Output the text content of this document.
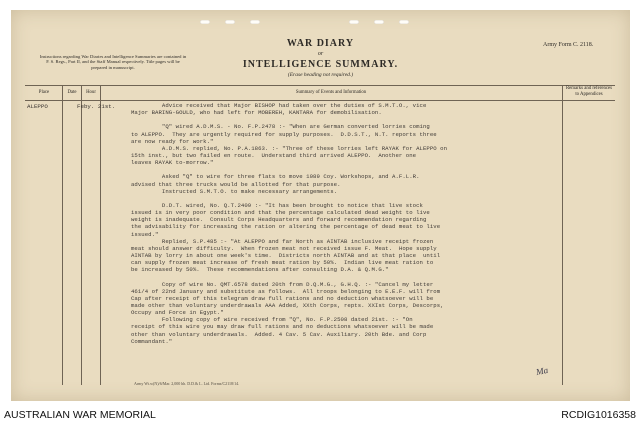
WAR DIARY
or
INTELLIGENCE SUMMARY.
(Erase heading not required.)
Army Form C. 2118.
Instructions regarding War Diaries and Intelligence Summaries are contained in F. S. Regs., Part II, and the Staff Manual respectively. Title pages will be prepared in manuscript.
Place	Date	Hour	Summary of Events and Information
Remarks and references to Appendices
ALEPPO	Feby. 21st.	Advice received that Major BISHOP had taken over the duties of S.M.T.O., vice
Major BARING-GOULD, who had left for MOBEREH, KANTARA for demobilisation.

"Q" wired A.D.M.S. - No. F.P.2478 :- "When are German converted lorries coming
to ALEPPO.  They are urgently required for supply purposes.  D.D.S.T., N.T. reports three
are now ready for work."
A.D.M.S. replied, No. P.A.1863. :- "Three of these lorries left RAYAK for ALEPPO on
15th inst., but two failed en route.  Understand third arrived ALEPPO.  Another one
leaves RAYAK to-morrow."

Asked "Q" to wire for three flats to move 1089 Coy. Workshops, and A.F.L.R.
advised that three trucks would be allotted for that purpose.
Instructed S.M.T.O. to make necessary arrangements.

D.D.T. wired, No. Q.T.2409 :- "It has been brought to notice that live stock
issued is in very poor condition and that the percentage calculated dead weight to live
weight is inadequate.  Consult Corps Headquarters and forward recommendation regarding
the advisability for increasing the ration or altering the percentage of dead meat to live
issued."
Replied, S.P.485 :- "At ALEPPO and far North as AINTAB inclusive receipt frozen
meat should answer difficulty.  When frozen meat not received issue F. Meat.  Hope supply
AINTAB by lorry in about one week's time.  Districts north AINTAB and at that place  until
can supply frozen meat increase of fresh meat ration by 50%.  Indian live meat ration to
be increased by 50%.  These recommendations after consulting D.A. & Q.M.G."

Copy of wire No. QMT.6578 dated 20th from D.Q.M.G., G.H.Q. :- "Cancel my letter
461/4 of 22nd January and substitute as follows.  All troops belonging to E.E.F. will from
Cap after receipt of this telegram draw full rations and no deduction whatsoever will be
made other than voluntary underdrawals AAA Added, XXth Corps, repts. XXIst Corps, Descorps,
Occupy and Force in Egypt."
Following copy of wire received from "Q", No. F.P.2508 dated 21st. :- "On
receipt of this wire you may draw full rations and no deductions whatsoever will be made
other than voluntary underdrawals.  Added. 4 Cav. 5 Cav. Auxiliary. 20th Bde. and Corp
Commandant."
Army Wt.w(N)/6/Mar. 2,000 hh. D.D.& L. Ltd. Forms/C2118/14.
Ma
AUSTRALIAN WAR MEMORIAL	RCDIG1016358
